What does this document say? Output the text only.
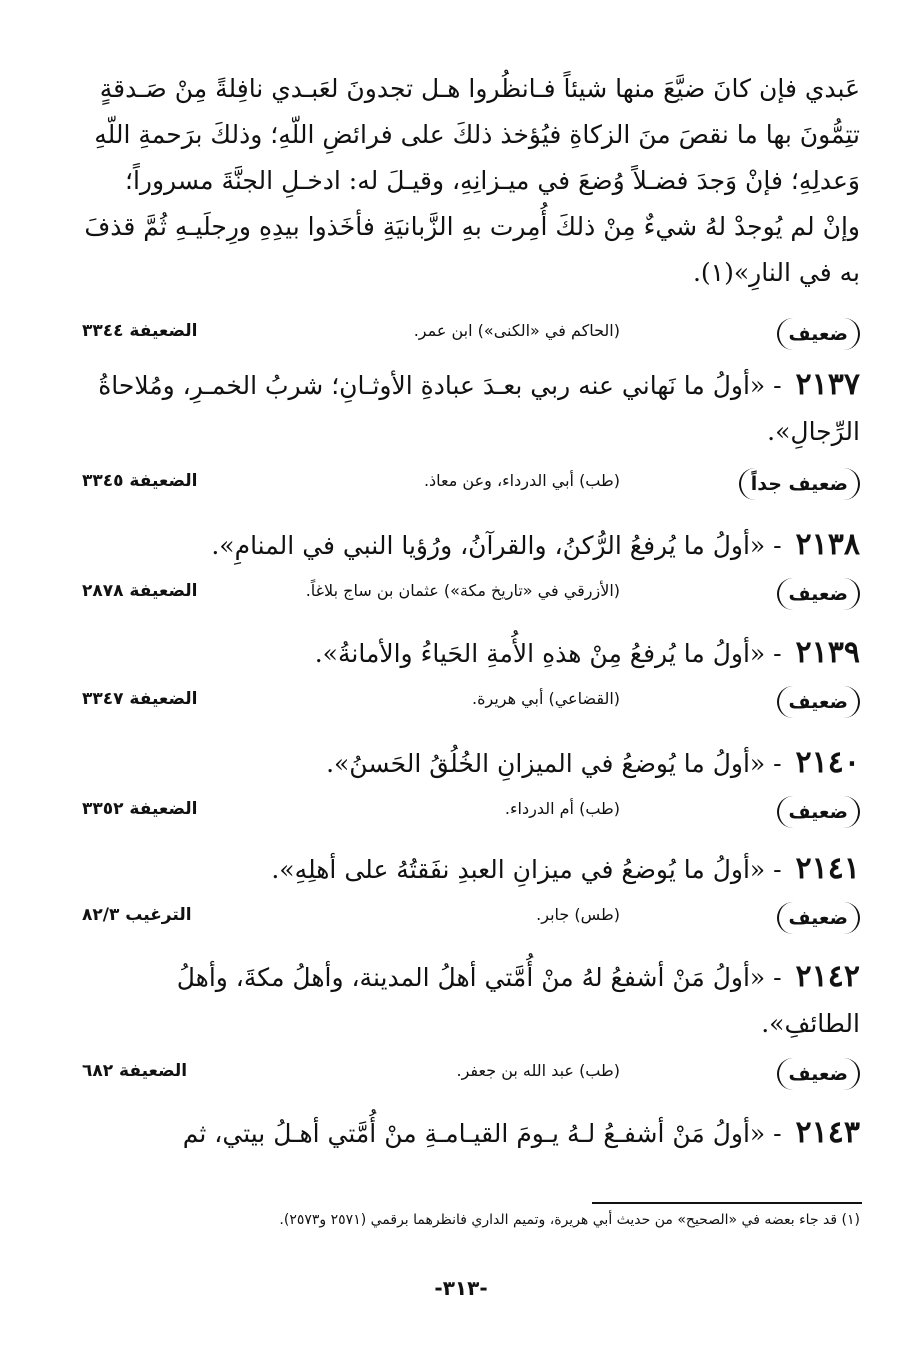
عَبدي فإن كانَ ضيَّعَ منها شيئاً فـانظُروا هـل تجدونَ لعَبـدي نافِلةً مِنْ صَـدقةٍ
تتِمُّونَ بها ما نقصَ منَ الزكاةِ فيُؤخذ ذلكَ على فرائضِ اللّهِ؛ وذلكَ برَحمةِ اللّهِ
وَعدلِهِ؛ فإنْ وَجدَ فضـلاً وُضعَ في ميـزانِهِ، وقيـلَ له: ادخـلِ الجنَّةَ مسروراً؛
وإنْ لم يُوجدْ لهُ شيءٌ مِنْ ذلكَ أُمِرت بهِ الزَّبانيَةِ فأخَذوا بيدِهِ ورِجلَيـهِ ثُمَّ قذفَ
به في النارِ»(١).
ضعيف
(الحاكم في «الكنى») ابن عمر.
الضعيفة ٣٣٤٤
٢١٣٧ - «أولُ ما نَهاني عنه ربي بعـدَ عبادةِ الأوثـانِ؛ شربُ الخمـرِ، ومُلاحاةُ الرِّجالِ».
ضعيف جداً
(طب) أبي الدرداء، وعن معاذ.
الضعيفة ٣٣٤٥
٢١٣٨ - «أولُ ما يُرفعُ الرُّكنُ، والقرآنُ، ورُؤيا النبي في المنامِ».
ضعيف
(الأزرقي في «تاريخ مكة») عثمان بن ساج بلاغاً.
الضعيفة ٢٨٧٨
٢١٣٩ - «أولُ ما يُرفعُ مِنْ هذهِ الأُمةِ الحَياءُ والأمانةُ».
ضعيف
(القضاعي) أبي هريرة.
الضعيفة ٣٣٤٧
٢١٤٠ - «أولُ ما يُوضعُ في الميزانِ الخُلُقُ الحَسنُ».
ضعيف
(طب) أم الدرداء.
الضعيفة ٣٣٥٢
٢١٤١ - «أولُ ما يُوضعُ في ميزانِ العبدِ نفَقتُهُ على أهلِهِ».
ضعيف
(طس) جابر.
الترغيب ٨٢/٣
٢١٤٢ - «أولُ مَنْ أشفعُ لهُ منْ أُمَّتي أهلُ المدينة، وأهلُ مكةَ، وأهلُ الطائفِ».
ضعيف
(طب) عبد الله بن جعفر.
الضعيفة ٦٨٢
٢١٤٣ - «أولُ مَنْ أشفـعُ لـهُ يـومَ القيـامـةِ منْ أُمَّتي أهـلُ بيتي، ثم
(١) قد جاء بعضه في «الصحيح» من حديث أبي هريرة، وتميم الداري فانظرهما برقمي (٢٥٧١ و٢٥٧٣).
-٣١٣-
